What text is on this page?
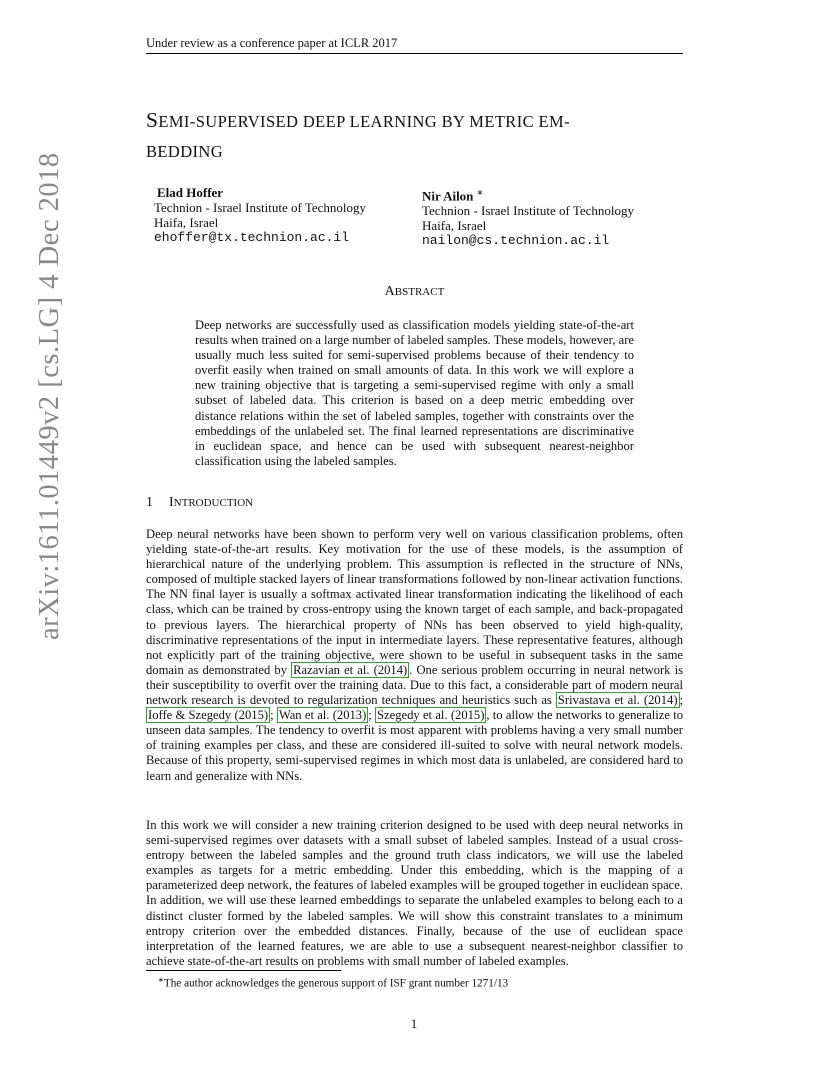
Under review as a conference paper at ICLR 2017
SEMI-SUPERVISED DEEP LEARNING BY METRIC EM-
BEDDING
Elad Hoffer
Technion - Israel Institute of Technology
Haifa, Israel
ehoffer@tx.technion.ac.il
Nir Ailon ∗
Technion - Israel Institute of Technology
Haifa, Israel
nailon@cs.technion.ac.il
ABSTRACT
Deep networks are successfully used as classification models yielding state-of-the-art results when trained on a large number of labeled samples. These models, however, are usually much less suited for semi-supervised problems because of their tendency to overfit easily when trained on small amounts of data. In this work we will explore a new training objective that is targeting a semi-supervised regime with only a small subset of labeled data. This criterion is based on a deep metric embedding over distance relations within the set of labeled samples, together with constraints over the embeddings of the unlabeled set. The final learned representations are discriminative in euclidean space, and hence can be used with subsequent nearest-neighbor classification using the labeled samples.
1 INTRODUCTION
Deep neural networks have been shown to perform very well on various classification problems, often yielding state-of-the-art results. Key motivation for the use of these models, is the assumption of hierarchical nature of the underlying problem. This assumption is reflected in the structure of NNs, composed of multiple stacked layers of linear transformations followed by non-linear activation functions. The NN final layer is usually a softmax activated linear transformation indicating the likelihood of each class, which can be trained by cross-entropy using the known target of each sample, and back-propagated to previous layers. The hierarchical property of NNs has been observed to yield high-quality, discriminative representations of the input in intermediate layers. These representative features, although not explicitly part of the training objective, were shown to be useful in subsequent tasks in the same domain as demonstrated by Razavian et al. (2014) . One serious problem occurring in neural network is their susceptibility to overfit over the training data. Due to this fact, a considerable part of modern neural network research is devoted to regularization techniques and heuristics such as Srivastava et al. (2014) ; Ioffe & Szegedy (2015) ; Wan et al. (2013) ; Szegedy et al. (2015) , to allow the networks to generalize to unseen data samples. The tendency to overfit is most apparent with problems having a very small number of training examples per class, and these are considered ill-suited to solve with neural network models. Because of this property, semi-supervised regimes in which most data is unlabeled, are considered hard to learn and generalize with NNs.
In this work we will consider a new training criterion designed to be used with deep neural networks in semi-supervised regimes over datasets with a small subset of labeled samples. Instead of a usual cross-entropy between the labeled samples and the ground truth class indicators, we will use the labeled examples as targets for a metric embedding. Under this embedding, which is the mapping of a parameterized deep network, the features of labeled examples will be grouped together in euclidean space. In addition, we will use these learned embeddings to separate the unlabeled examples to belong each to a distinct cluster formed by the labeled samples. We will show this constraint translates to a minimum entropy criterion over the embedded distances. Finally, because of the use of euclidean space interpretation of the learned features, we are able to use a subsequent nearest-neighbor classifier to achieve state-of-the-art results on problems with small number of labeled examples.
∗The author acknowledges the generous support of ISF grant number 1271/13
1
arXiv:1611.01449v2 [cs.LG] 4 Dec 2018
